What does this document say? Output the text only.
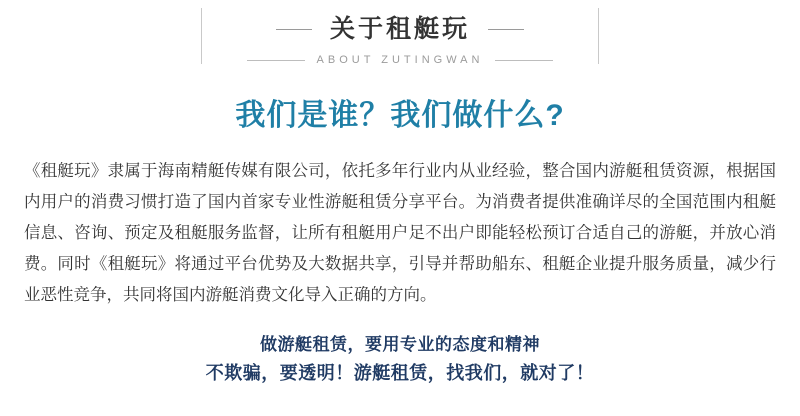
关于租艇玩
ABOUT ZUTINGWAN
我们是谁？我们做什么?
《租艇玩》隶属于海南精艇传媒有限公司，依托多年行业内从业经验，整合国内游艇租赁资源，根据国内用户的消费习惯打造了国内首家专业性游艇租赁分享平台。为消费者提供准确详尽的全国范围内租艇信息、咨询、预定及租艇服务监督，让所有租艇用户足不出户即能轻松预订合适自己的游艇，并放心消费。同时《租艇玩》将通过平台优势及大数据共享，引导并帮助船东、租艇企业提升服务质量，减少行业恶性竞争，共同将国内游艇消费文化导入正确的方向。
做游艇租赁，要用专业的态度和精神
不欺骗，要透明！游艇租赁，找我们，就对了！
